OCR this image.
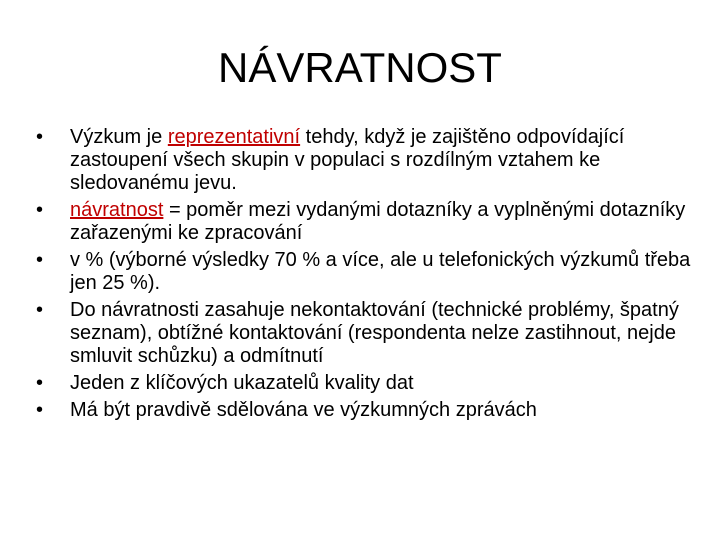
NÁVRATNOST
•	Výzkum je reprezentativní tehdy, když je zajištěno odpovídající zastoupení všech skupin v populaci s rozdílným vztahem ke sledovanému jevu.
•	návratnost = poměr mezi vydanými dotazníky a vyplněnými dotazníky zařazenými ke zpracování
•	v % (výborné výsledky 70 % a více, ale u telefonických výzkumů třeba jen 25 %).
•	Do návratnosti zasahuje nekontaktování (technické problémy, špatný seznam), obtížné kontaktování (respondenta nelze zastihnout, nejde smluvit schůzku) a odmítnutí
•	Jeden z klíčových ukazatelů kvality dat
•	Má být pravdivě sdělována ve výzkumných zprávách
